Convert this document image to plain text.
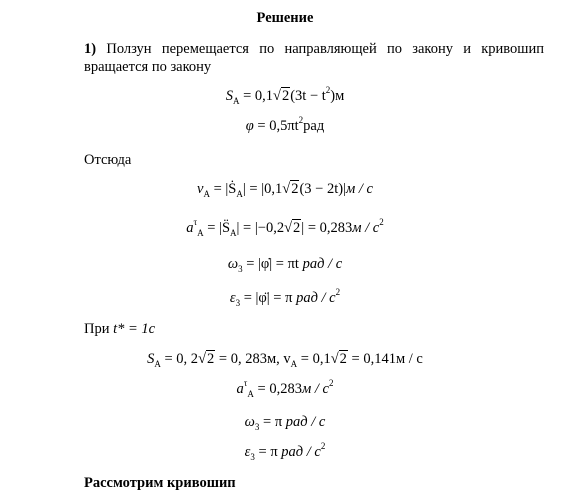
Решение
1) Ползун перемещается по направляющей по закону и кривошип
вращается по закону
$S_A = 0,1√2(3t - t^2)м$
$\varphi = 0,5\pi t^2рад$
Отсюда
$v_A$ = |Ṡ$_A$| = |0,1√2(3 − 2t)|м / с
$a^\tau_A$ = $|S̈_A| = |-0,2√2| = 0,283м / с^2$
$\omega_3$ = |φ̇| = πt рад / с
$\varepsilon_3$ = |φ̈| = π рад / $с^2$
При t* = 1с
$S_A = 0$, 2√2 = 0, 283м, $v_A = 0,1√2 = 0,141м / с$
$a^\tau_A = 0,283м / с^2$
$\omega_3 = \pi$ рад / с
$\varepsilon_3 = \pi$ рад / $с^2$
Рассмотрим кривошип
